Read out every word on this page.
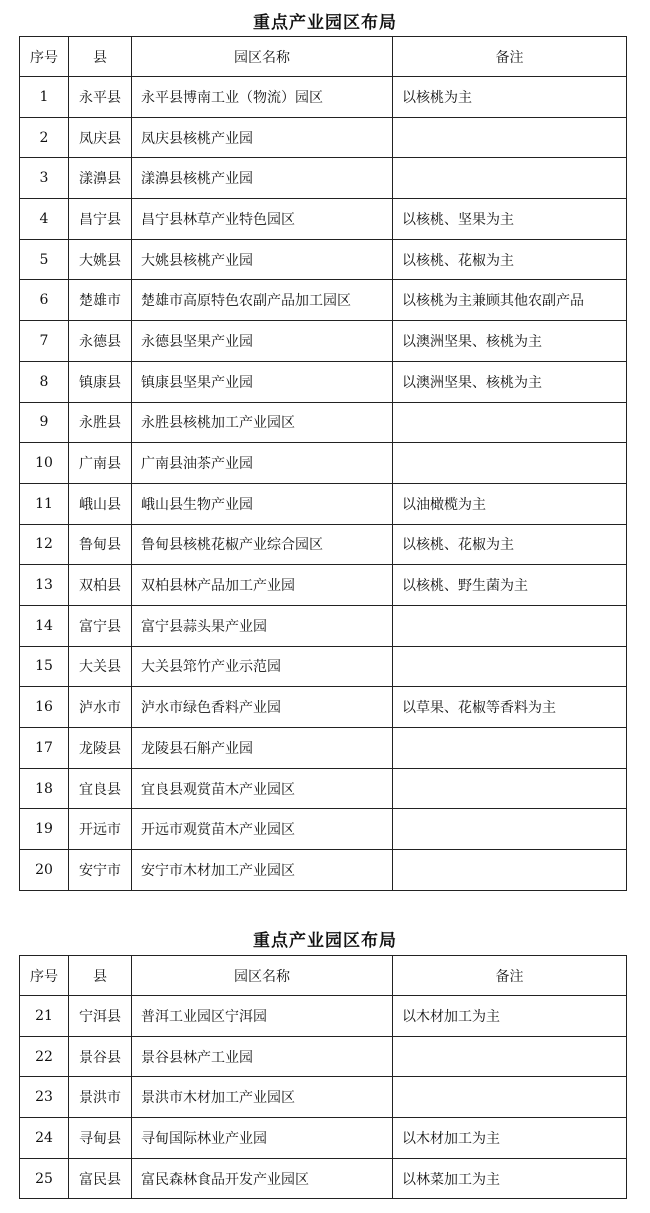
重点产业园区布局
序号	县	园区名称	备注
1	永平县	永平县博南工业（物流）园区	以核桃为主
2	凤庆县	凤庆县核桃产业园	
3	漾濞县	漾濞县核桃产业园	
4	昌宁县	昌宁县林草产业特色园区	以核桃、坚果为主
5	大姚县	大姚县核桃产业园	以核桃、花椒为主
6	楚雄市	楚雄市高原特色农副产品加工园区	以核桃为主兼顾其他农副产品
7	永德县	永德县坚果产业园	以澳洲坚果、核桃为主
8	镇康县	镇康县坚果产业园	以澳洲坚果、核桃为主
9	永胜县	永胜县核桃加工产业园区	
10	广南县	广南县油茶产业园	
11	峨山县	峨山县生物产业园	以油橄榄为主
12	鲁甸县	鲁甸县核桃花椒产业综合园区	以核桃、花椒为主
13	双柏县	双柏县林产品加工产业园	以核桃、野生菌为主
14	富宁县	富宁县蒜头果产业园	
15	大关县	大关县筇竹产业示范园	
16	泸水市	泸水市绿色香料产业园	以草果、花椒等香料为主
17	龙陵县	龙陵县石斛产业园	
18	宜良县	宜良县观赏苗木产业园区	
19	开远市	开远市观赏苗木产业园区	
20	安宁市	安宁市木材加工产业园区	
重点产业园区布局
序号	县	园区名称	备注
21	宁洱县	普洱工业园区宁洱园	以木材加工为主
22	景谷县	景谷县林产工业园	
23	景洪市	景洪市木材加工产业园区	
24	寻甸县	寻甸国际林业产业园	以木材加工为主
25	富民县	富民森林食品开发产业园区	以林菜加工为主
